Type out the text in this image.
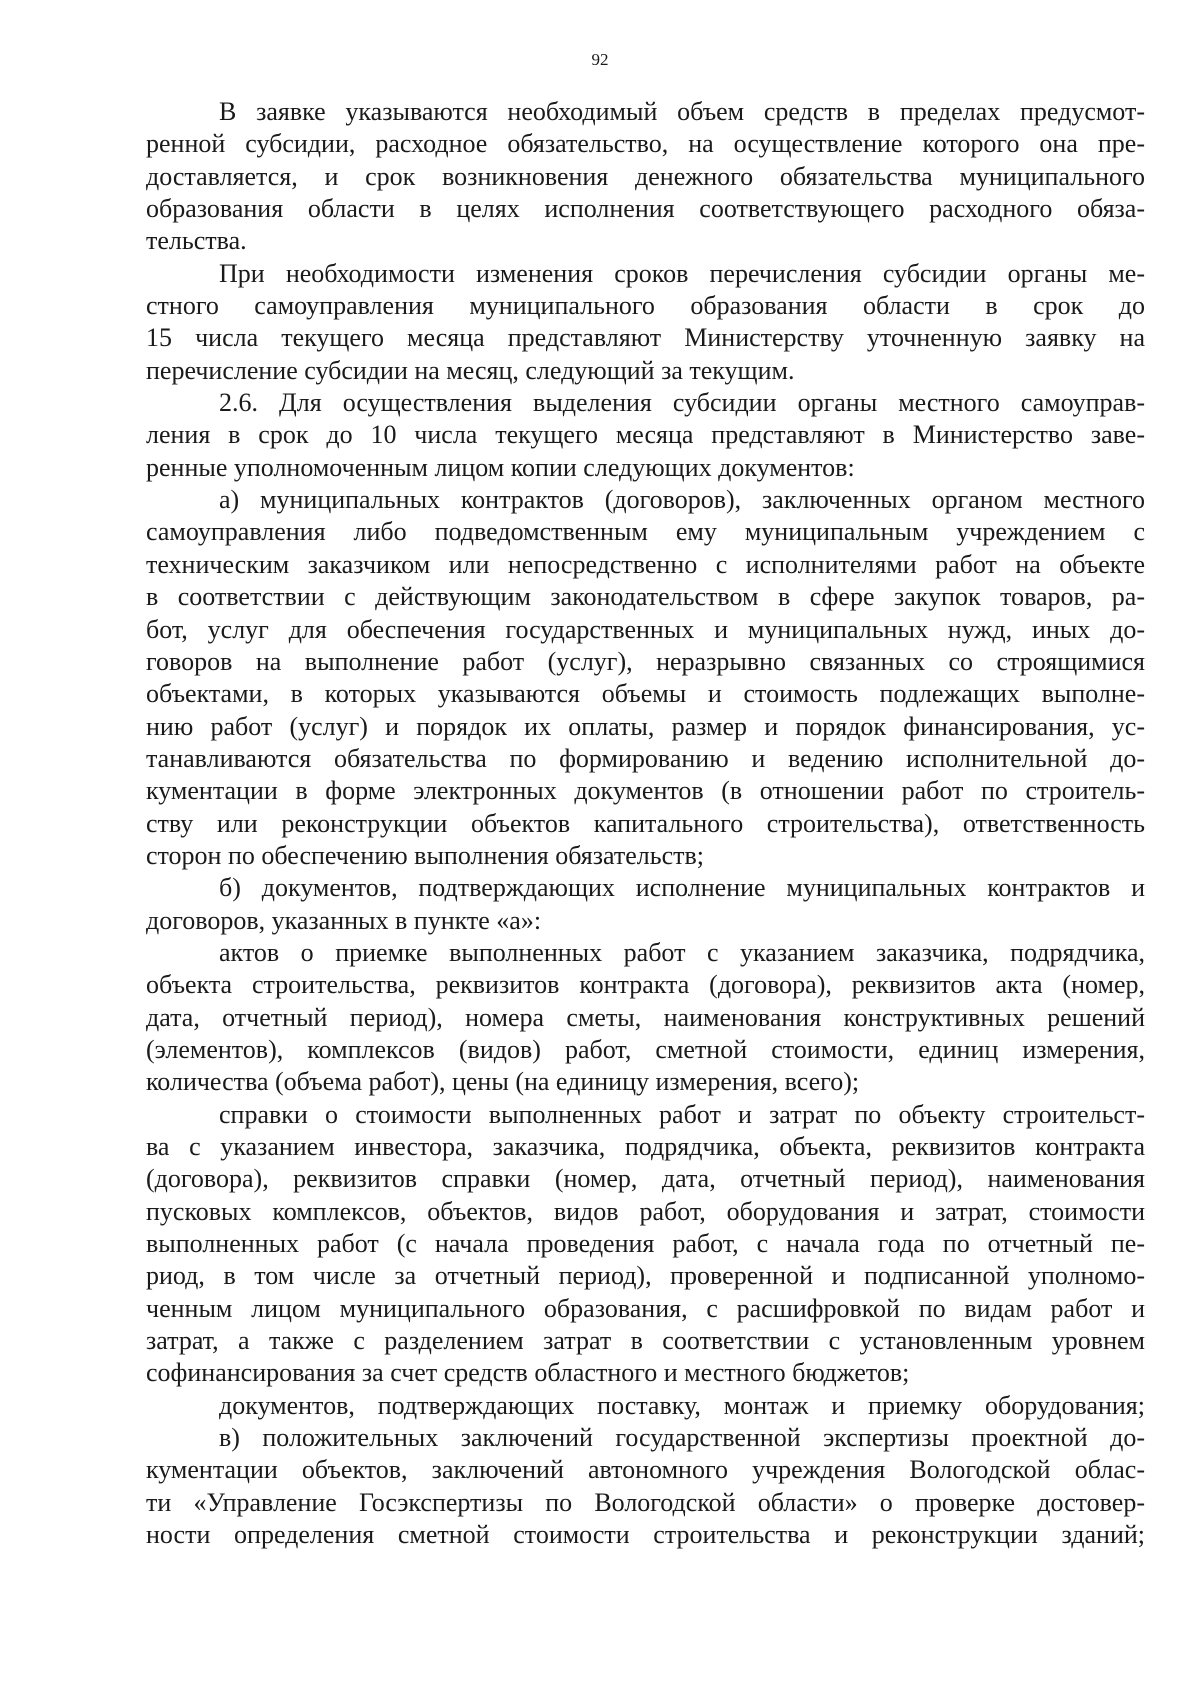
92
В заявке указываются необходимый объем средств в пределах предусмот-
ренной субсидии, расходное обязательство, на осуществление которого она пре-
доставляется, и срок возникновения денежного обязательства муниципального
образования области в целях исполнения соответствующего расходного обяза-
тельства.
При необходимости изменения сроков перечисления субсидии органы ме-
стного самоуправления муниципального образования области в срок до
15 числа текущего месяца представляют Министерству уточненную заявку на
перечисление субсидии на месяц, следующий за текущим.
2.6. Для осуществления выделения субсидии органы местного самоуправ-
ления в срок до 10 числа текущего месяца представляют в Министерство заве-
ренные уполномоченным лицом копии следующих документов:
а) муниципальных контрактов (договоров), заключенных органом местного
самоуправления либо подведомственным ему муниципальным учреждением с
техническим заказчиком или непосредственно с исполнителями работ на объекте
в соответствии с действующим законодательством в сфере закупок товаров, ра-
бот, услуг для обеспечения государственных и муниципальных нужд, иных до-
говоров на выполнение работ (услуг), неразрывно связанных со строящимися
объектами, в которых указываются объемы и стоимость подлежащих выполне-
нию работ (услуг) и порядок их оплаты, размер и порядок финансирования, ус-
танавливаются обязательства по формированию и ведению исполнительной до-
кументации в форме электронных документов (в отношении работ по строитель-
ству или реконструкции объектов капитального строительства), ответственность
сторон по обеспечению выполнения обязательств;
б) документов, подтверждающих исполнение муниципальных контрактов и
договоров, указанных в пункте «а»:
актов о приемке выполненных работ с указанием заказчика, подрядчика,
объекта строительства, реквизитов контракта (договора), реквизитов акта (номер,
дата, отчетный период), номера сметы, наименования конструктивных решений
(элементов), комплексов (видов) работ, сметной стоимости, единиц измерения,
количества (объема работ), цены (на единицу измерения, всего);
справки о стоимости выполненных работ и затрат по объекту строительст-
ва с указанием инвестора, заказчика, подрядчика, объекта, реквизитов контракта
(договора), реквизитов справки (номер, дата, отчетный период), наименования
пусковых комплексов, объектов, видов работ, оборудования и затрат, стоимости
выполненных работ (с начала проведения работ, с начала года по отчетный пе-
риод, в том числе за отчетный период), проверенной и подписанной уполномо-
ченным лицом муниципального образования, с расшифровкой по видам работ и
затрат, а также с разделением затрат в соответствии с установленным уровнем
софинансирования за счет средств областного и местного бюджетов;
документов, подтверждающих поставку, монтаж и приемку оборудования;
в) положительных заключений государственной экспертизы проектной до-
кументации объектов, заключений автономного учреждения Вологодской облас-
ти «Управление Госэкспертизы по Вологодской области» о проверке достовер-
ности определения сметной стоимости строительства и реконструкции зданий;
